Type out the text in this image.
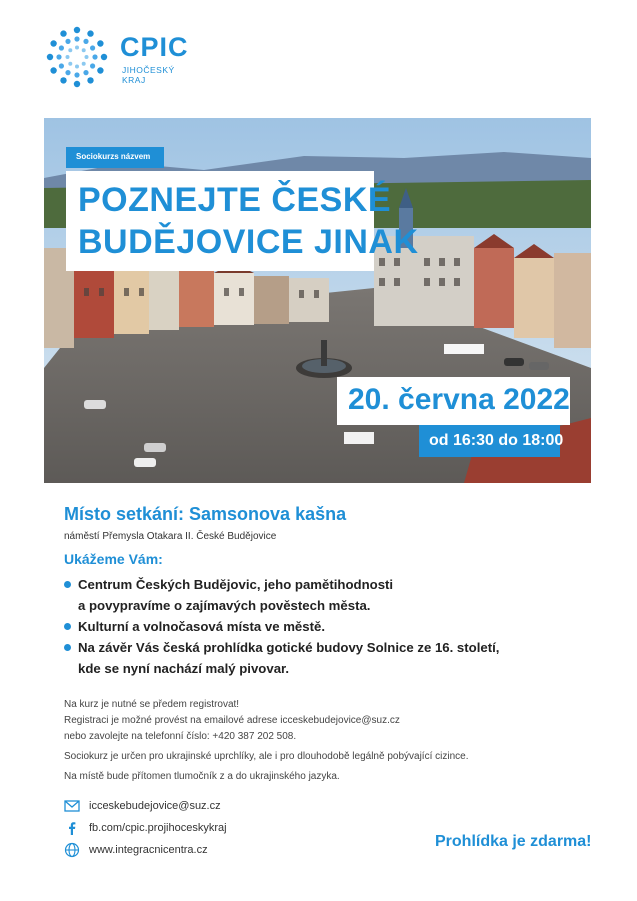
CPIC
JIHOČESKÝ KRAJ
Sociokurzs názvem
POZNEJTE ČESKÉ
BUDĚJOVICE JINAK
20. června 2022
od 16:30 do 18:00
Místo setkání: Samsonova kašna
náměstí Přemysla Otakara II. České Budějovice
Ukážeme Vám:
Centrum Českých Budějovic, jeho pamětihodnosti
a povypravíme o zajímavých pověstech města.
Kulturní a volnočasová místa ve městě.
Na závěr Vás česká prohlídka gotické budovy Solnice ze 16. století,
kde se nyní nachází malý pivovar.
Na kurz je nutné se předem registrovat!
Registraci je možné provést na emailové adrese icceskebudejovice@suz.cz
nebo zavolejte na telefonní číslo: +420 387 202 508.
Sociokurz je určen pro ukrajinské uprchlíky, ale i pro dlouhodobě legálně pobývající cizince.
Na místě bude přítomen tlumočník z a do ukrajinského jazyka.
icceskebudejovice@suz.cz
fb.com/cpic.projihoceskykraj
www.integracnicentra.cz	Prohlídka je zdarma!
